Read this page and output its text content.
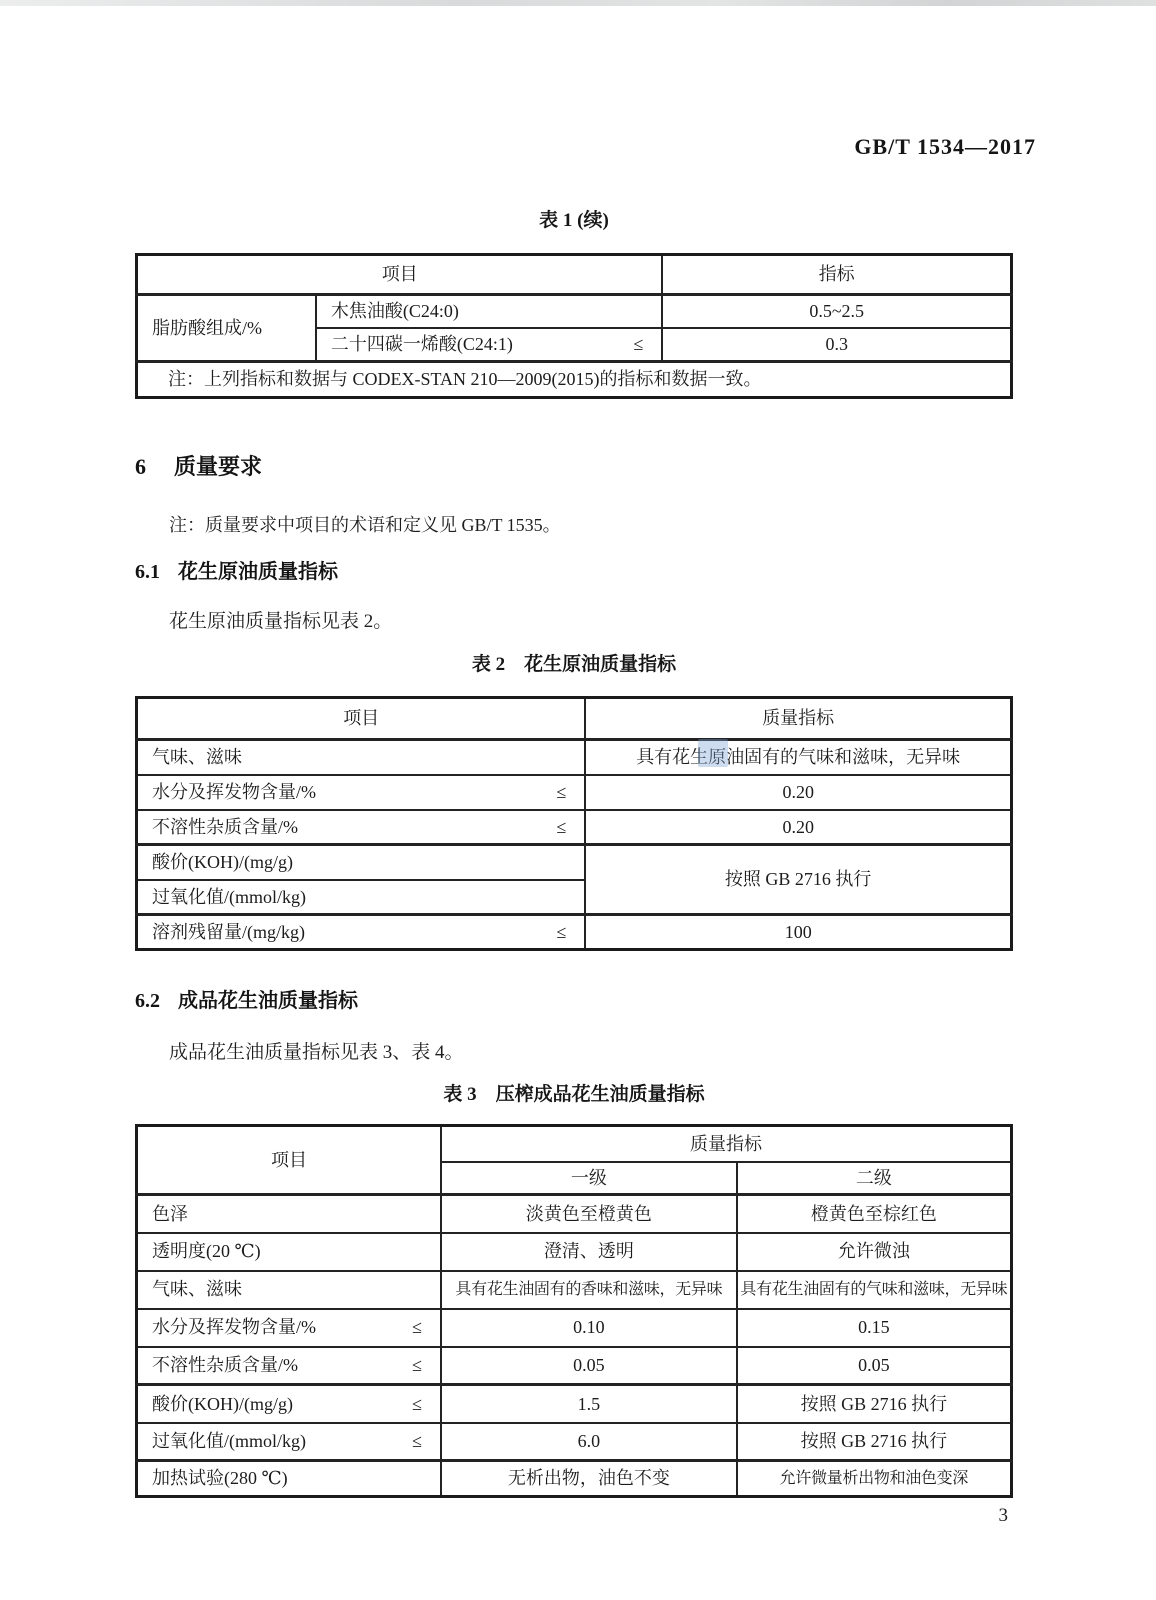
GB/T 1534—2017
表 1 (续)
项目		指标
脂肪酸组成/%	木焦油酸(C24:0)	0.5~2.5

	二十四碳一烯酸(C24:1) ≤	0.3
注：上列指标和数据与 CODEX-STAN 210—2009(2015)的指标和数据一致。		
6 质量要求
注：质量要求中项目的术语和定义见 GB/T 1535。
6.1 花生原油质量指标
花生原油质量指标见表 2。
表 2　花生原油质量指标
项目	质量指标

气味、滋味	具有花生原油固有的气味和滋味，无异味

水分及挥发物含量/% ≤	0.20

不溶性杂质含量/% ≤	0.20

酸价(KOH)/(mg/g)	按照 GB 2716 执行

过氧化值/(mmol/kg)	

溶剂残留量/(mg/kg) ≤	100
6.2 成品花生油质量指标
成品花生油质量指标见表 3、表 4。
表 3　压榨成品花生油质量指标
项目	质量指标	
	一级	二级

色泽	淡黄色至橙黄色	橙黄色至棕红色

透明度(20 ℃)	澄清、透明	允许微浊

气味、滋味	具有花生油固有的香味和滋味，无异味	具有花生油固有的气味和滋味，无异味

水分及挥发物含量/% ≤	0.10	0.15

不溶性杂质含量/% ≤	0.05	0.05

酸价(KOH)/(mg/g) ≤	1.5	按照 GB 2716 执行

过氧化值/(mmol/kg) ≤	6.0	按照 GB 2716 执行

加热试验(280 ℃)	无析出物，油色不变	允许微量析出物和油色变深
3
